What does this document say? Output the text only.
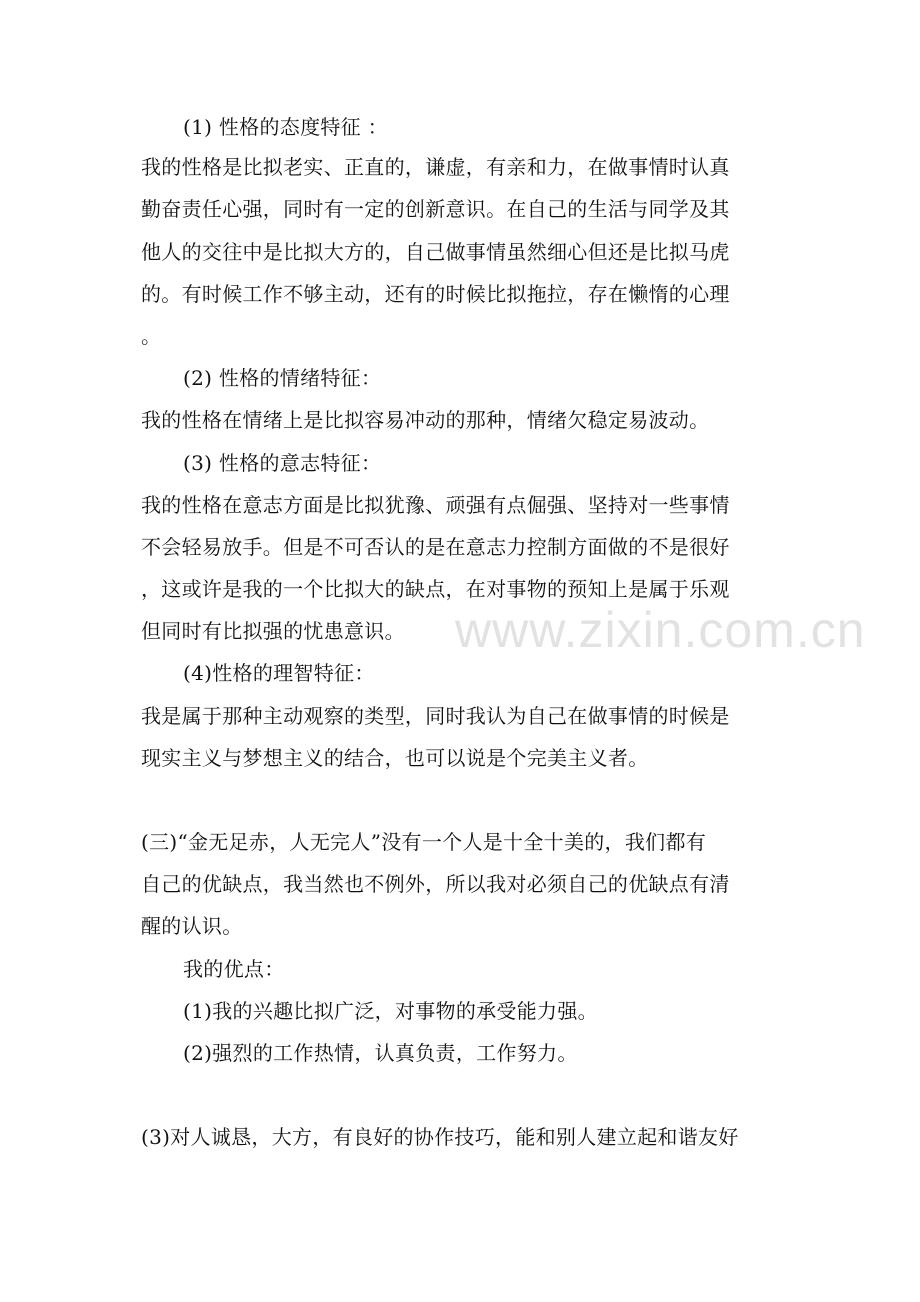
www.zixin.com.cn
(1) 性格的态度特征 ：
我的性格是比拟老实、正直的，谦虚，有亲和力，在做事情时认真
勤奋责任心强，同时有一定的创新意识。在自己的生活与同学及其
他人的交往中是比拟大方的，自己做事情虽然细心但还是比拟马虎
的。有时候工作不够主动，还有的时候比拟拖拉，存在懒惰的心理
。
(2) 性格的情绪特征：
我的性格在情绪上是比拟容易冲动的那种，情绪欠稳定易波动。
(3) 性格的意志特征：
我的性格在意志方面是比拟犹豫、顽强有点倔强、坚持对一些事情
不会轻易放手。但是不可否认的是在意志力控制方面做的不是很好
，这或许是我的一个比拟大的缺点，在对事物的预知上是属于乐观
但同时有比拟强的忧患意识。
(4)性格的理智特征：
我是属于那种主动观察的类型，同时我认为自己在做事情的时候是
现实主义与梦想主义的结合，也可以说是个完美主义者。
(三)“金无足赤，人无完人”没有一个人是十全十美的，我们都有
自己的优缺点，我当然也不例外，所以我对必须自己的优缺点有清
醒的认识。
我的优点：
(1)我的兴趣比拟广泛，对事物的承受能力强。
(2)强烈的工作热情，认真负责，工作努力。
(3)对人诚恳，大方，有良好的协作技巧，能和别人建立起和谐友好
